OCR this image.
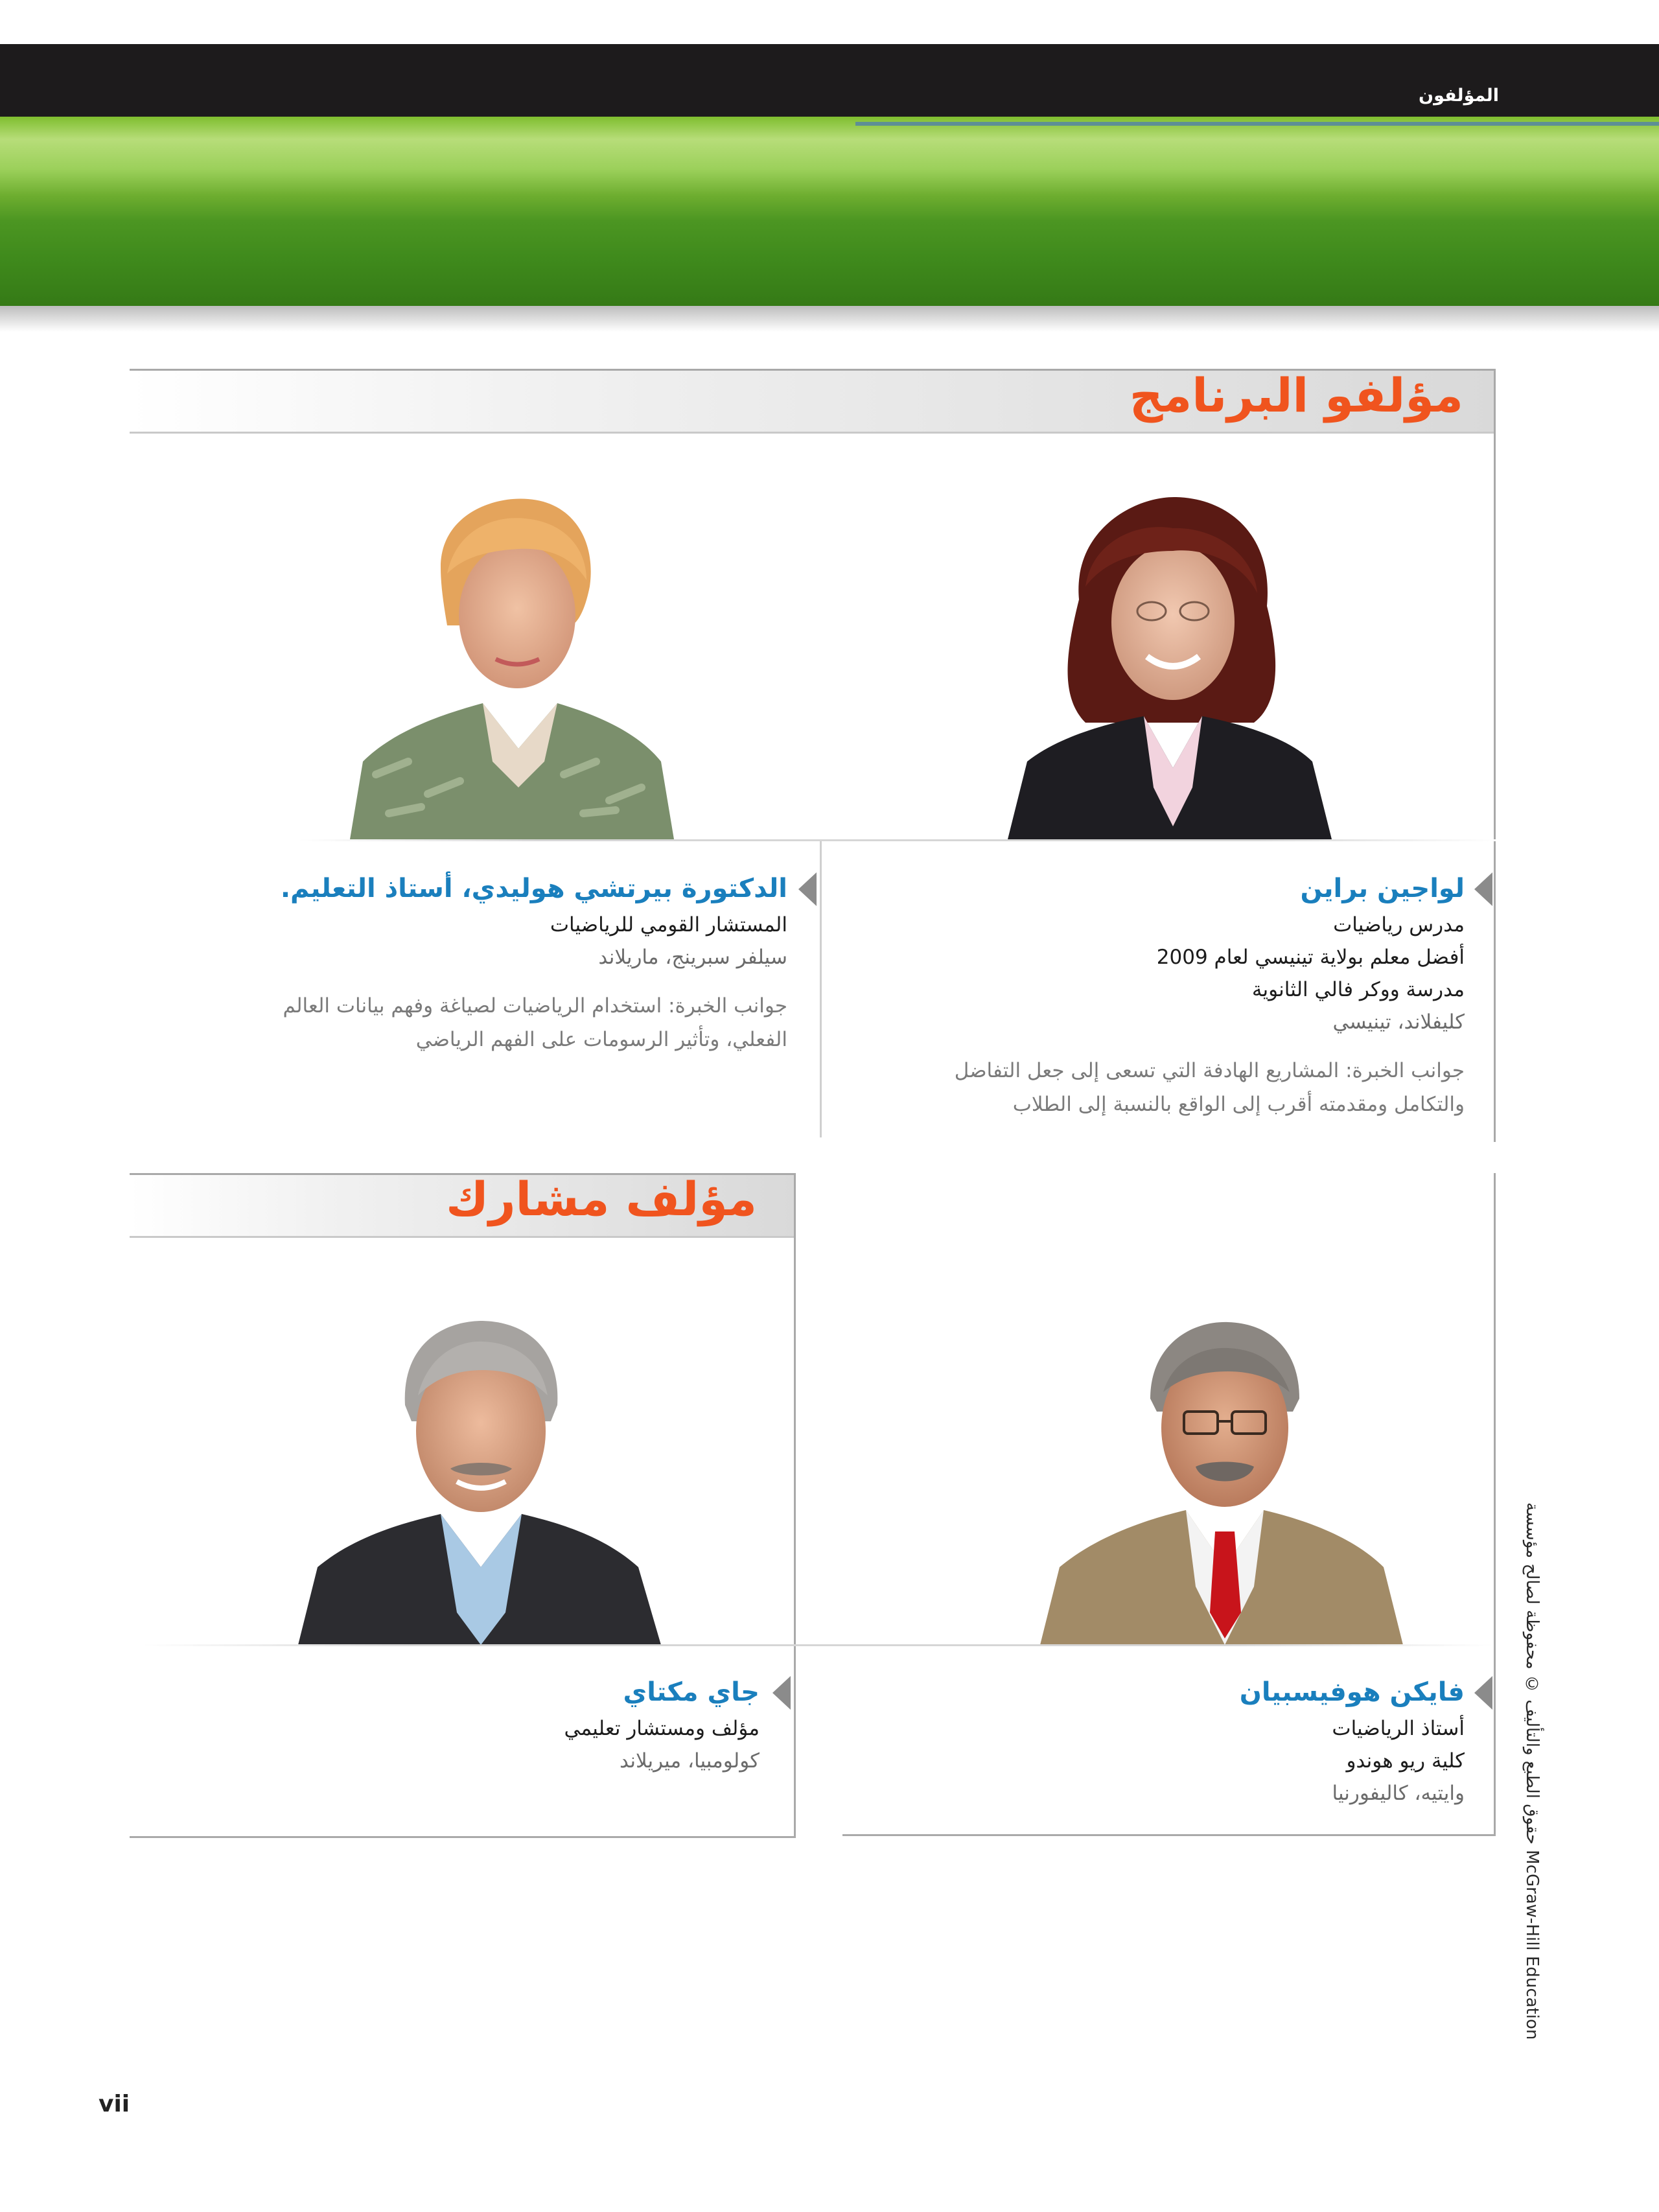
المؤلفون
مؤلفو البرنامج
لواجين براين
مدرس رياضيات
أفضل معلم بولاية تينيسي لعام 2009
مدرسة ووكر فالي الثانوية
كليفلاند، تينيسي
جوانب الخبرة: المشاريع الهادفة التي تسعى إلى جعل التفاضل
والتكامل ومقدمته أقرب إلى الواقع بالنسبة إلى الطلاب
الدكتورة بيرتشي هوليدي، أستاذ التعليم.
المستشار القومي للرياضيات
سيلفر سبرينج، ماريلاند
جوانب الخبرة: استخدام الرياضيات لصياغة وفهم بيانات العالم
الفعلي، وتأثير الرسومات على الفهم الرياضي
مؤلف مشارك
فايكن هوفيسبيان
أستاذ الرياضيات
كلية ريو هوندو
وايتيه، كاليفورنيا
جاي مكتاي
مؤلف ومستشار تعليمي
كولومبيا، ميريلاند	حقوق الطبع والتأليف © محفوظة لصالح مؤسسة McGraw-Hill Education
vii
